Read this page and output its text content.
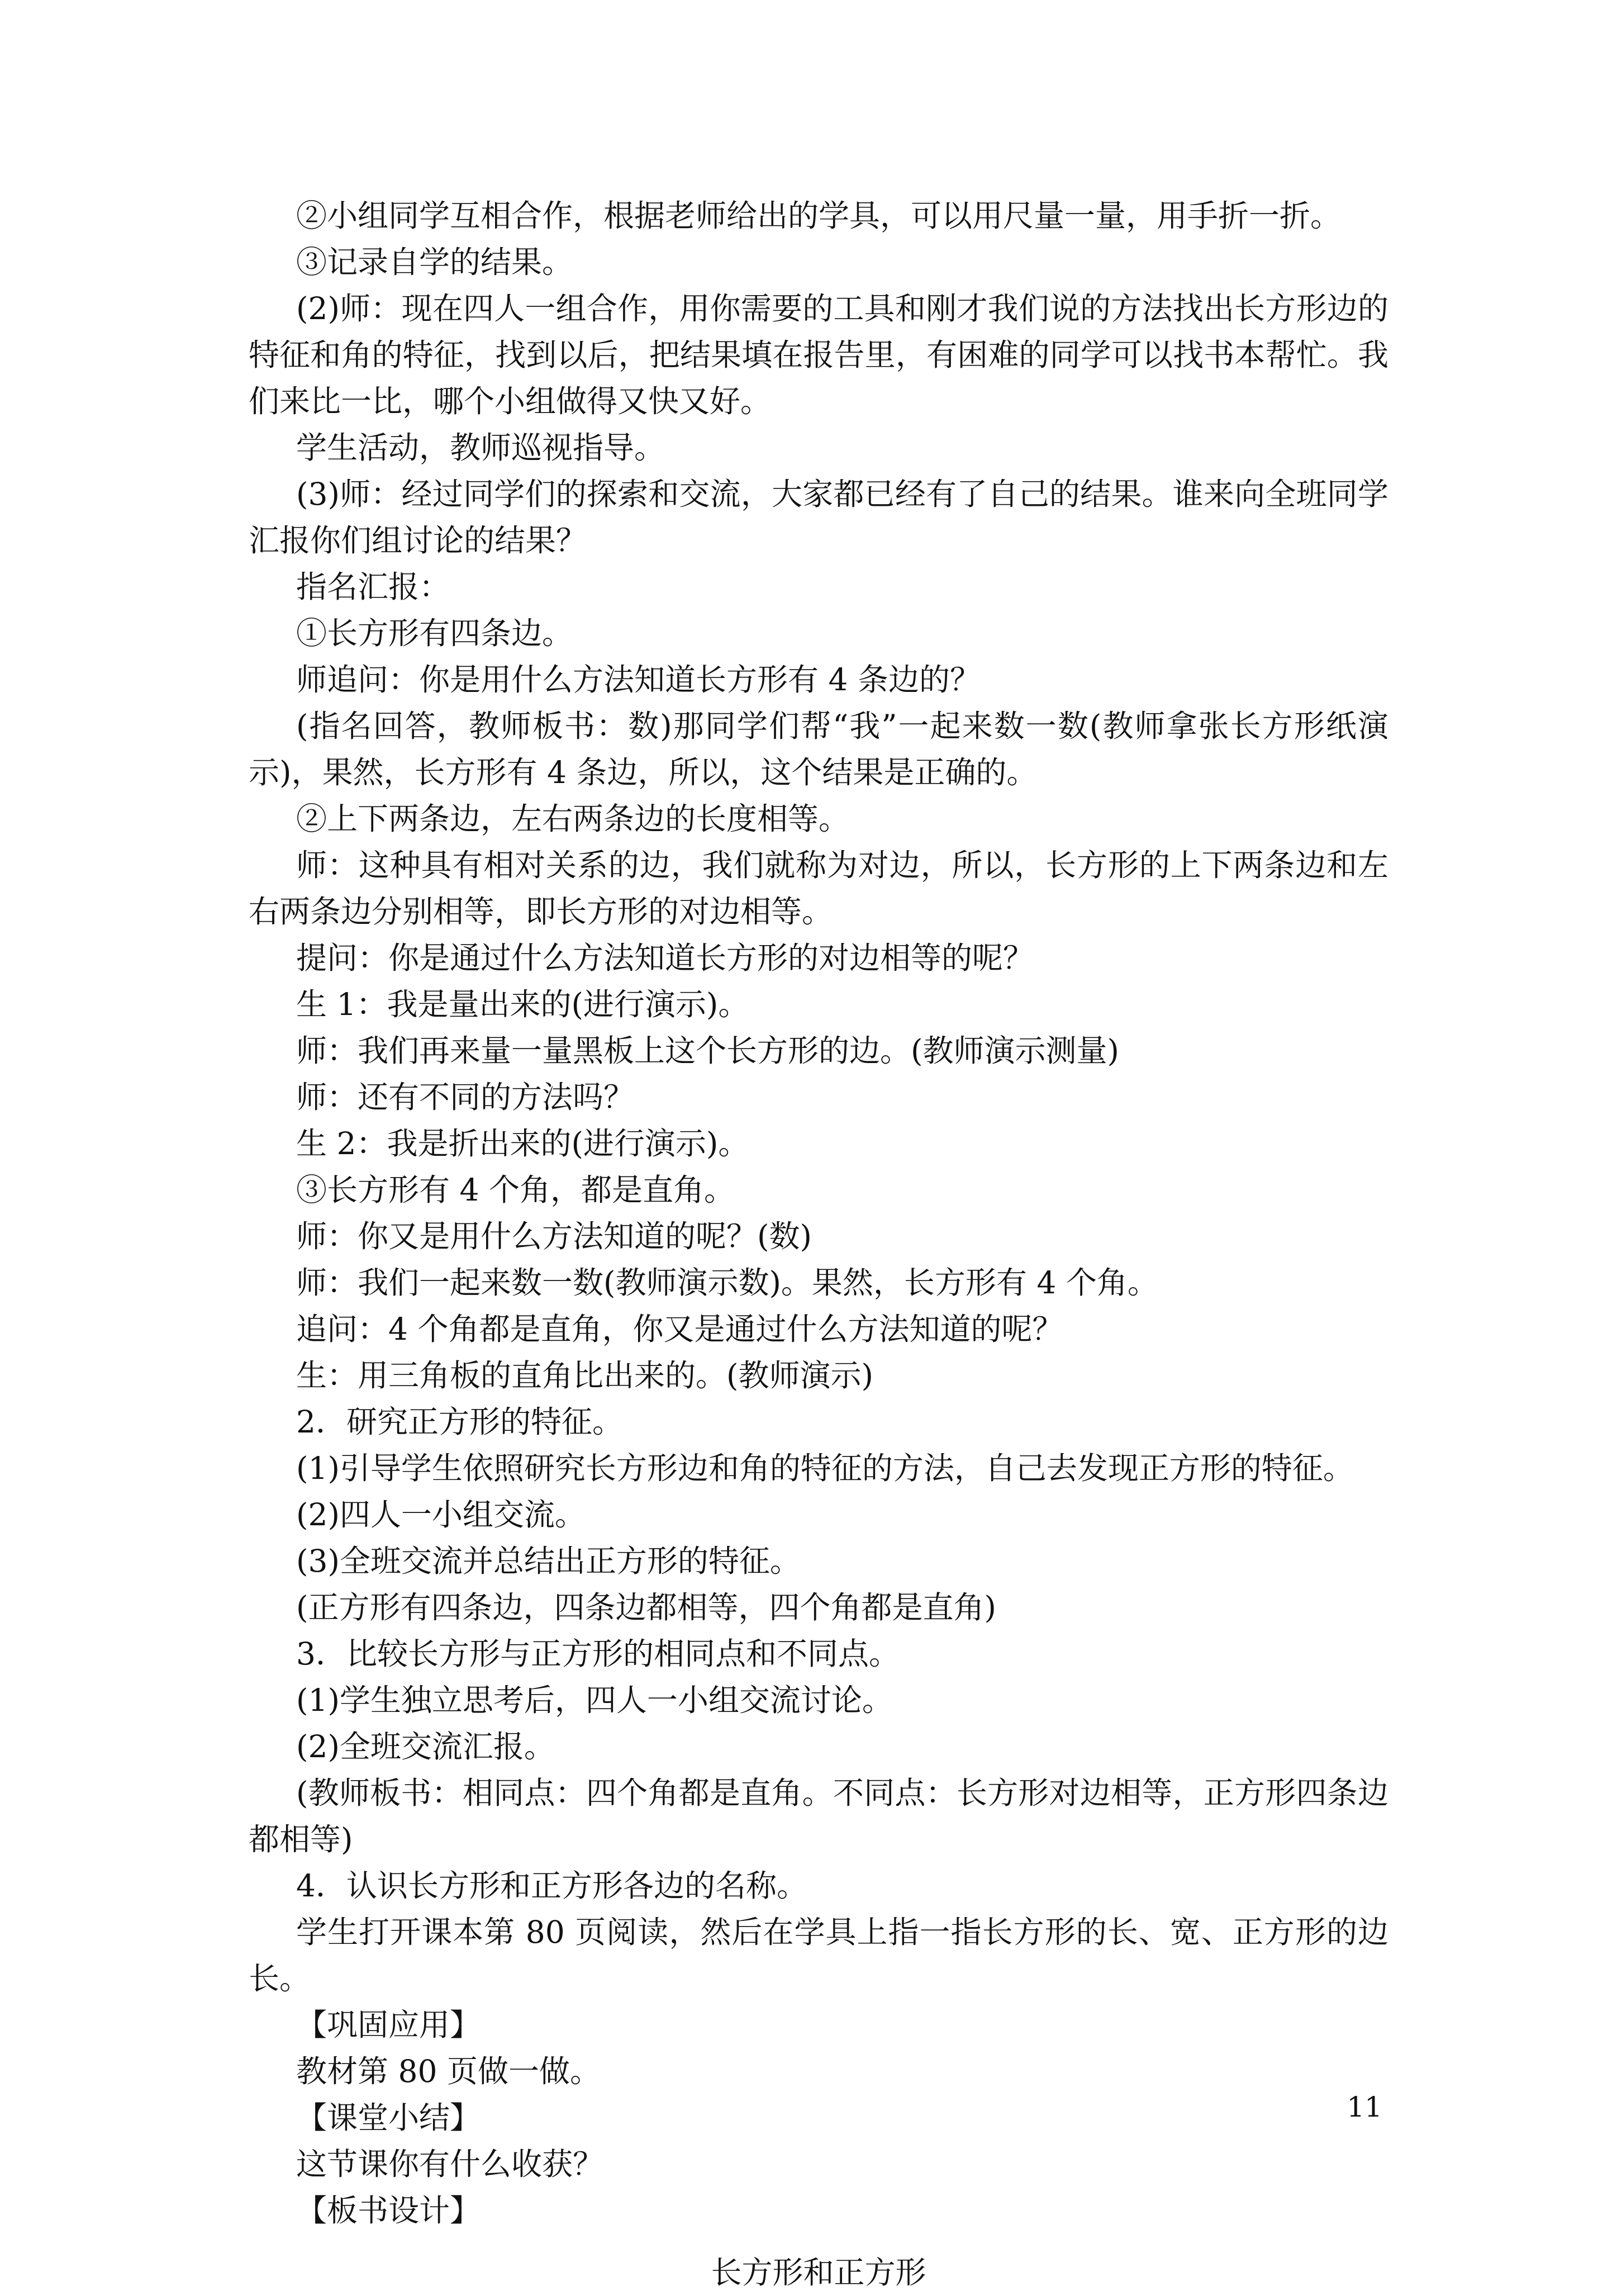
②小组同学互相合作，根据老师给出的学具，可以用尺量一量，用手折一折。

③记录自学的结果。

(2)师：现在四人一组合作，用你需要的工具和刚才我们说的方法找出长方形边的特征和角的特征，找到以后，把结果填在报告里，有困难的同学可以找书本帮忙。我们来比一比，哪个小组做得又快又好。

学生活动，教师巡视指导。

(3)师：经过同学们的探索和交流，大家都已经有了自己的结果。谁来向全班同学汇报你们组讨论的结果？

指名汇报：

①长方形有四条边。

师追问：你是用什么方法知道长方形有 4 条边的？

(指名回答，教师板书：数)那同学们帮“我”一起来数一数(教师拿张长方形纸演示)，果然，长方形有 4 条边，所以，这个结果是正确的。

②上下两条边，左右两条边的长度相等。

师：这种具有相对关系的边，我们就称为对边，所以，长方形的上下两条边和左右两条边分别相等，即长方形的对边相等。

提问：你是通过什么方法知道长方形的对边相等的呢？

生 1：我是量出来的(进行演示)。

师：我们再来量一量黑板上这个长方形的边。(教师演示测量)

师：还有不同的方法吗？

生 2：我是折出来的(进行演示)。

③长方形有 4 个角，都是直角。

师：你又是用什么方法知道的呢？(数)

师：我们一起来数一数(教师演示数)。果然，长方形有 4 个角。

追问：4 个角都是直角，你又是通过什么方法知道的呢？

生：用三角板的直角比出来的。(教师演示)

2．研究正方形的特征。

(1)引导学生依照研究长方形边和角的特征的方法，自己去发现正方形的特征。

(2)四人一小组交流。

(3)全班交流并总结出正方形的特征。

(正方形有四条边，四条边都相等，四个角都是直角)

3．比较长方形与正方形的相同点和不同点。

(1)学生独立思考后，四人一小组交流讨论。

(2)全班交流汇报。

(教师板书：相同点：四个角都是直角。不同点：长方形对边相等，正方形四条边都相等)

4．认识长方形和正方形各边的名称。

学生打开课本第 80 页阅读，然后在学具上指一指长方形的长、宽、正方形的边长。

【巩固应用】

教材第 80 页做一做。

【课堂小结】

这节课你有什么收获？

【板书设计】

长方形和正方形

11
